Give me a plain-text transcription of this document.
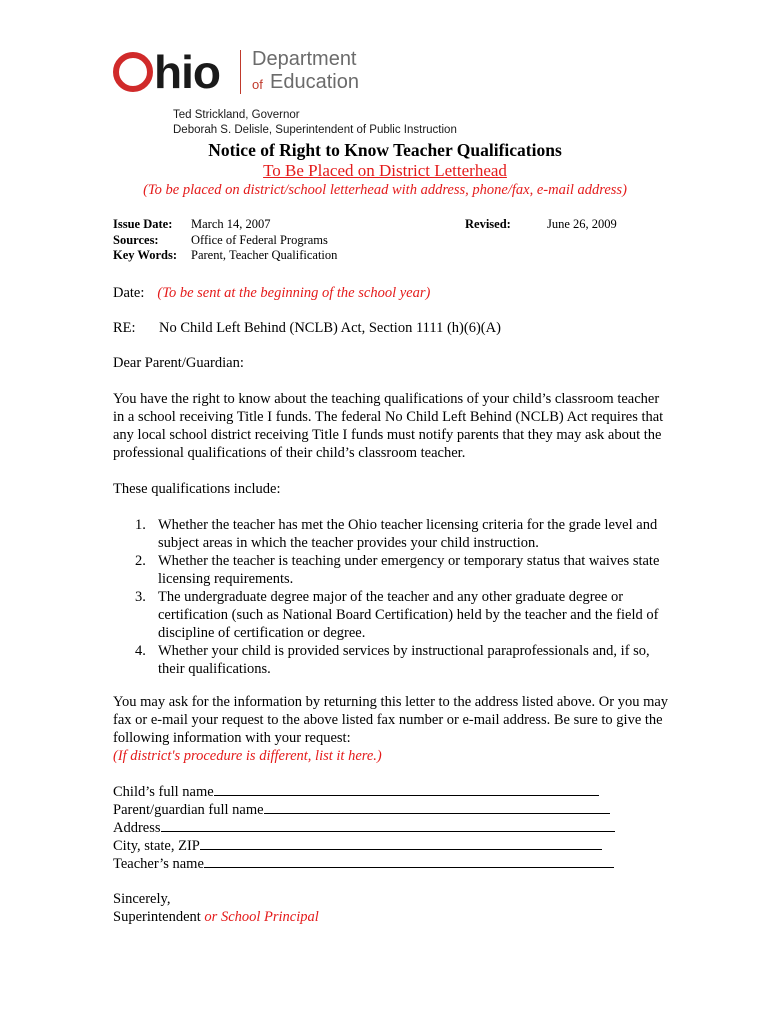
hio Department
of Education
Ted Strickland, Governor
Deborah S. Delisle, Superintendent of Public Instruction
Notice of Right to Know Teacher Qualifications
To Be Placed on District Letterhead
(To be placed on district/school letterhead with address, phone/fax, e-mail address)
Issue Date:
Sources:
Key Words:
March 14, 2007
Office of Federal Programs
Parent, Teacher Qualification
Revised:	June 26, 2009
Date: (To be sent at the beginning of the school year)
RE: No Child Left Behind (NCLB) Act, Section 1111 (h)(6)(A)
Dear Parent/Guardian:
You have the right to know about the teaching qualifications of your child’s classroom teacher in a school receiving Title I funds. The federal No Child Left Behind (NCLB) Act requires that any local school district receiving Title I funds must notify parents that they may ask about the professional qualifications of their child’s classroom teacher.
These qualifications include:
1. Whether the teacher has met the Ohio teacher licensing criteria for the grade level and subject areas in which the teacher provides your child instruction.
2. Whether the teacher is teaching under emergency or temporary status that waives state licensing requirements.
3. The undergraduate degree major of the teacher and any other graduate degree or certification (such as National Board Certification) held by the teacher and the field of discipline of certification or degree.
4. Whether your child is provided services by instructional paraprofessionals and, if so, their qualifications.
You may ask for the information by returning this letter to the address listed above. Or you may fax or e-mail your request to the above listed fax number or e-mail address. Be sure to give the following information with your request:
(If district's procedure is different, list it here.)
Child’s full name
Parent/guardian full name
Address
City, state, ZIP
Teacher’s name
Sincerely,
Superintendent or School Principal
